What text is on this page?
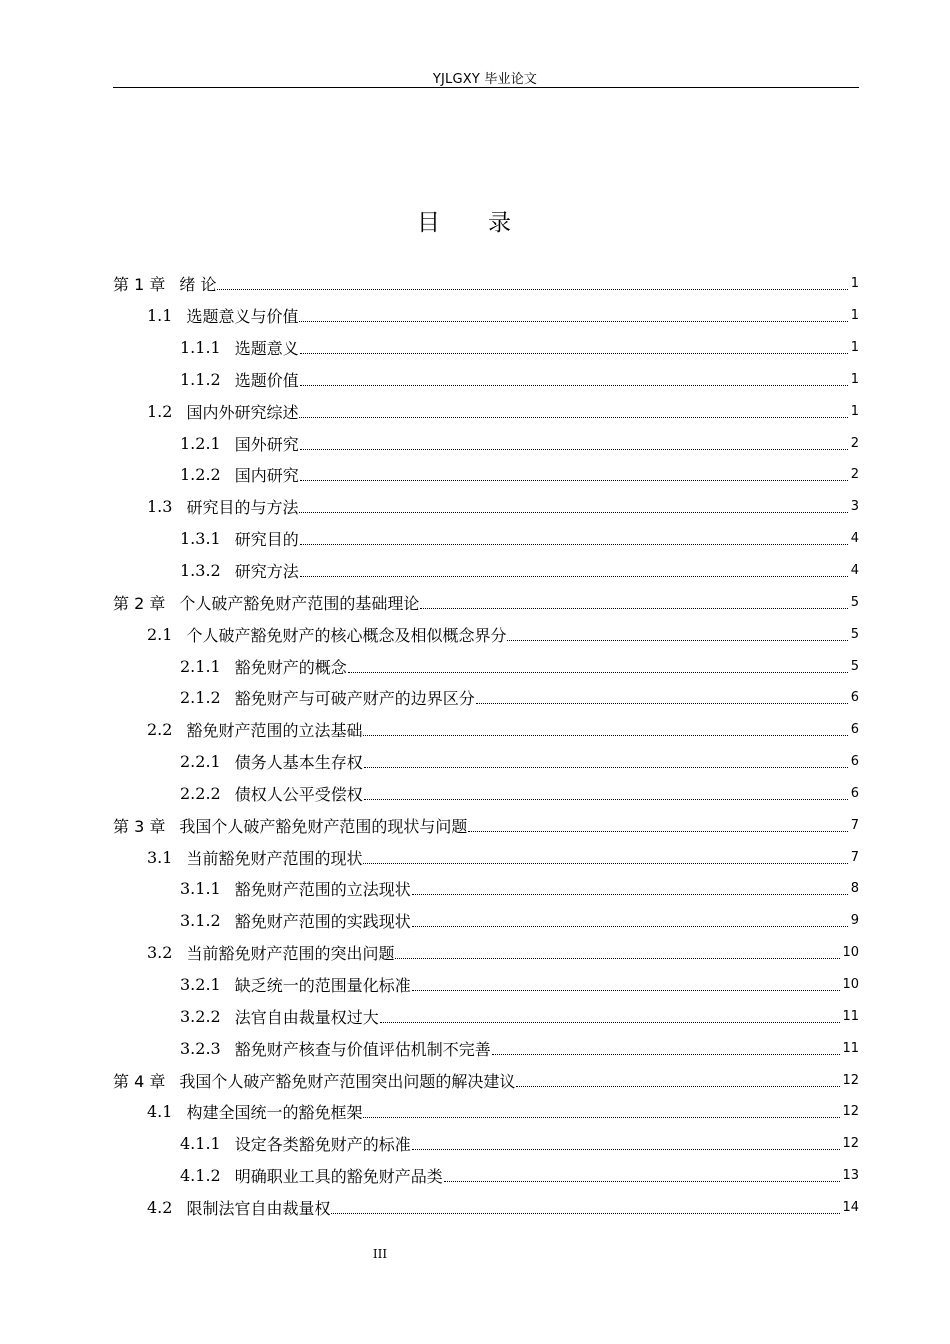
YJLGXY 毕业论文
目录
第 1 章 绪 论	1
1.1 选题意义与价值	1
1.1.1 选题意义	1
1.1.2 选题价值	1
1.2 国内外研究综述	1
1.2.1 国外研究	2
1.2.2 国内研究	2
1.3 研究目的与方法	3
1.3.1 研究目的	4
1.3.2 研究方法	4
第 2 章 个人破产豁免财产范围的基础理论	5
2.1 个人破产豁免财产的核心概念及相似概念界分	5
2.1.1 豁免财产的概念	5
2.1.2 豁免财产与可破产财产的边界区分	6
2.2 豁免财产范围的立法基础	6
2.2.1 债务人基本生存权	6
2.2.2 债权人公平受偿权	6
第 3 章 我国个人破产豁免财产范围的现状与问题	7
3.1 当前豁免财产范围的现状	7
3.1.1 豁免财产范围的立法现状	8
3.1.2 豁免财产范围的实践现状	9
3.2 当前豁免财产范围的突出问题	10
3.2.1 缺乏统一的范围量化标准	10
3.2.2 法官自由裁量权过大	11
3.2.3 豁免财产核查与价值评估机制不完善	11
第 4 章 我国个人破产豁免财产范围突出问题的解决建议	12
4.1 构建全国统一的豁免框架	12
4.1.1 设定各类豁免财产的标准	12
4.1.2 明确职业工具的豁免财产品类	13
4.2 限制法官自由裁量权	14
III
